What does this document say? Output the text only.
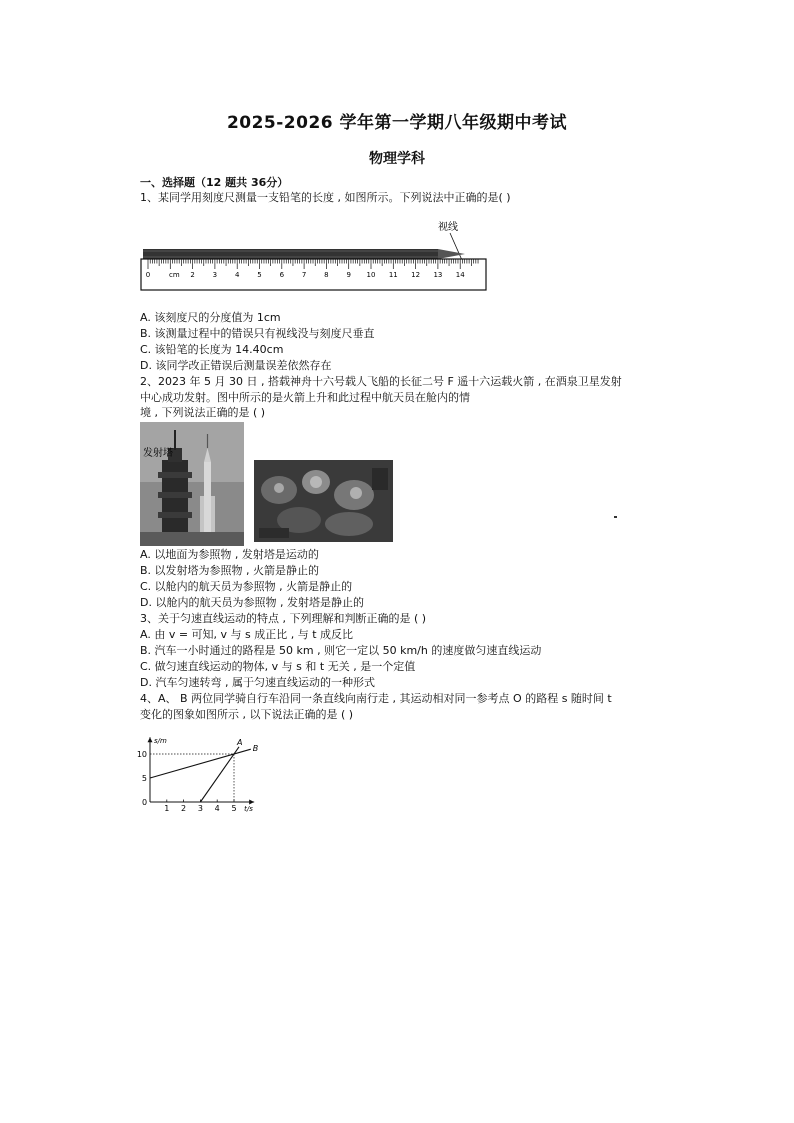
2025-2026 学年第一学期八年级期中考试
物理学科
一、选择题（12 题共 36分）
1、某同学用刻度尺测量一支铅笔的长度 , 如图所示。下列说法中正确的是( )
视线
0	2	3	4	5	6	7	8	9 10 11 12 13 14
cm
A. 该刻度尺的分度值为 1cm
B. 该测量过程中的错误只有视线没与刻度尺垂直
C. 该铅笔的长度为 14.40cm
D. 该同学改正错误后测量误差依然存在
2、2023 年 5 月 30 日 , 搭载神舟十六号载人飞船的长征二号 F 遥十六运载火箭 , 在酒泉卫星发射
中心成功发射。图中所示的是火箭上升和此过程中航天员在舱内的情
境 , 下列说法正确的是 ( )
发射塔
A. 以地面为参照物 , 发射塔是运动的
B. 以发射塔为参照物 , 火箭是静止的
C. 以舱内的航天员为参照物 , 火箭是静止的
D. 以舱内的航天员为参照物 , 发射塔是静止的
3、关于匀速直线运动的特点 , 下列理解和判断正确的是 ( )
A. 由 v = 可知, v 与 s 成正比 , 与 t 成反比
B. 汽车一小时通过的路程是 50 km , 则它一定以 50 km/h 的速度做匀速直线运动
C. 做匀速直线运动的物体, v 与 s 和 t 无关 , 是一个定值
D. 汽车匀速转弯 , 属于匀速直线运动的一种形式
4、A、 B 两位同学骑自行车沿同一条直线向南行走 , 其运动相对同一参考点 O 的路程 s 随时间 t
变化的图象如图所示 , 以下说法正确的是 ( )
s/m
t/s
0
1 2 3 4 5
5
10
A
B
